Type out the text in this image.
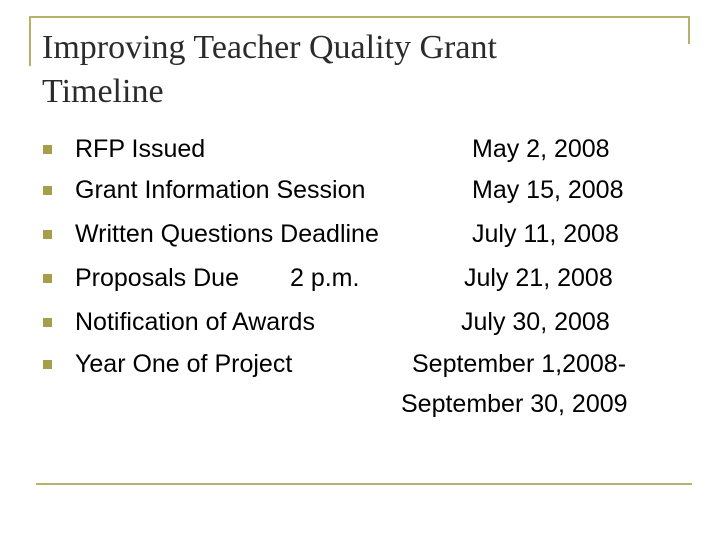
Improving Teacher Quality Grant
Timeline
RFP Issued	May 2, 2008
Grant Information Session	May 15, 2008
Written Questions Deadline	July 11, 2008
Proposals Due 2 p.m.	July 21, 2008
Notification of Awards	July 30, 2008
Year One of Project	September 1,2008-
September 30, 2009
